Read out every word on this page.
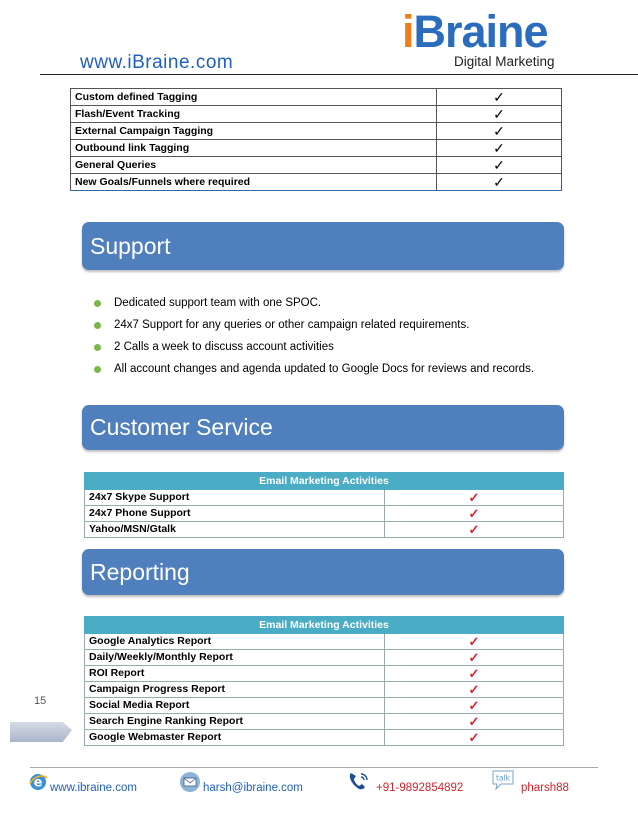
www.iBraine.com
iBraine
Digital Marketing
Custom defined Tagging	✓
Flash/Event Tracking	✓
External Campaign Tagging	✓
Outbound link Tagging	✓
General Queries	✓
New Goals/Funnels where required	✓
Support
Dedicated support team with one SPOC.
24x7 Support for any queries or other campaign related requirements.
2 Calls a week to discuss account activities
All account changes and agenda updated to Google Docs for reviews and records.
Customer Service
Email Marketing Activities	
24x7 Skype Support	✓
24x7 Phone Support	✓
Yahoo/MSN/Gtalk	✓
Reporting
Email Marketing Activities	
Google Analytics Report	✓
Daily/Weekly/Monthly Report	✓
ROI Report	✓
Campaign Progress Report	✓
Social Media Report	✓
Search Engine Ranking Report	✓
Google Webmaster Report	✓
15
e www.ibraine.com	harsh@ibraine.com	+91-9892854892
talk
pharsh88
